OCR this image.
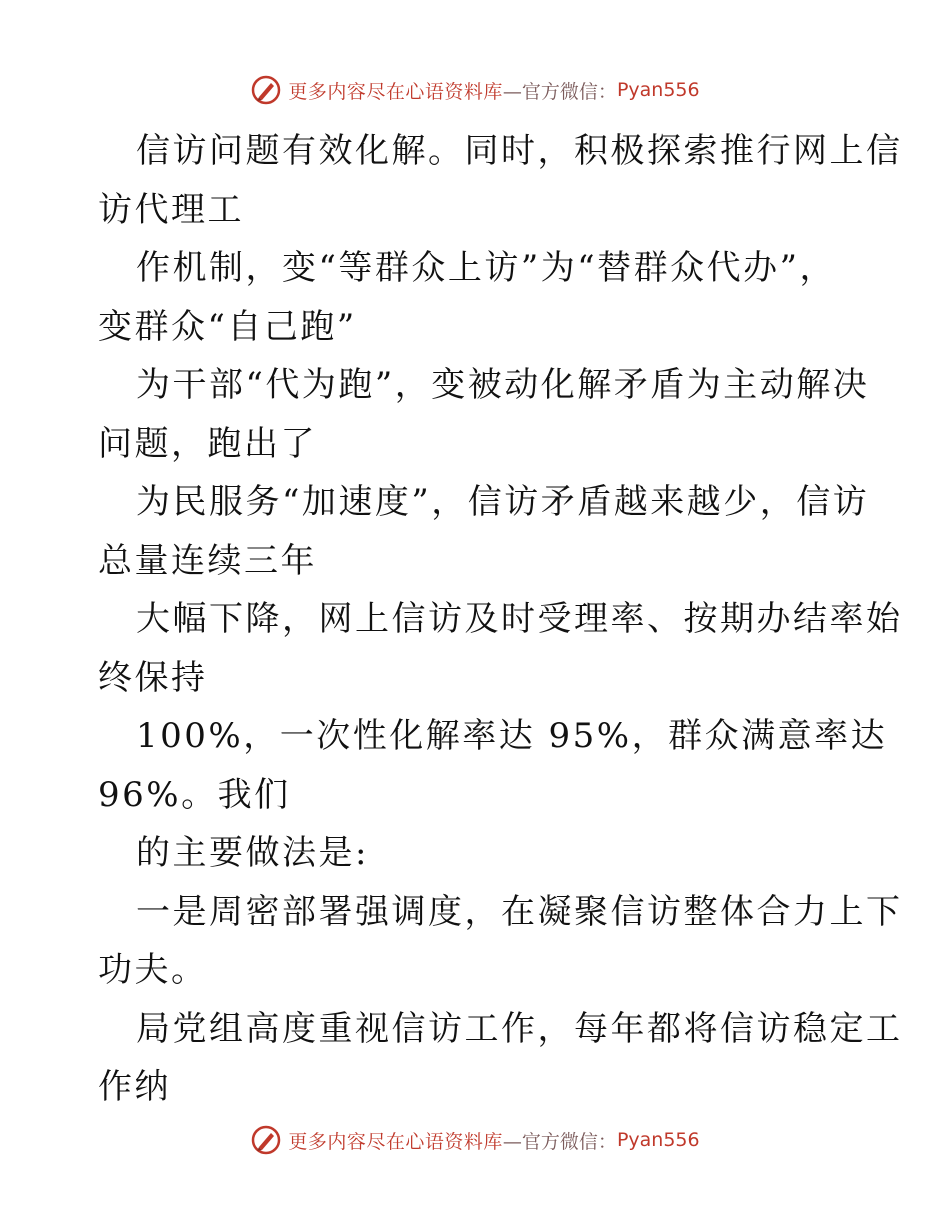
更多内容尽在心语资料库 —官方微信： Pyan556
信访问题有效化解。同时，积极探索推行网上信
访代理工
作机制，变“等群众上访”为“替群众代办”，
变群众“自己跑”
为干部“代为跑”，变被动化解矛盾为主动解决
问题，跑出了
为民服务“加速度”，信访矛盾越来越少，信访
总量连续三年
大幅下降，网上信访及时受理率、按期办结率始
终保持
100%，一次性化解率达 95%，群众满意率达
96%。我们
的主要做法是:
一是周密部署强调度，在凝聚信访整体合力上下
功夫。
局党组高度重视信访工作，每年都将信访稳定工
作纳
更多内容尽在心语资料库 —官方微信： Pyan556
